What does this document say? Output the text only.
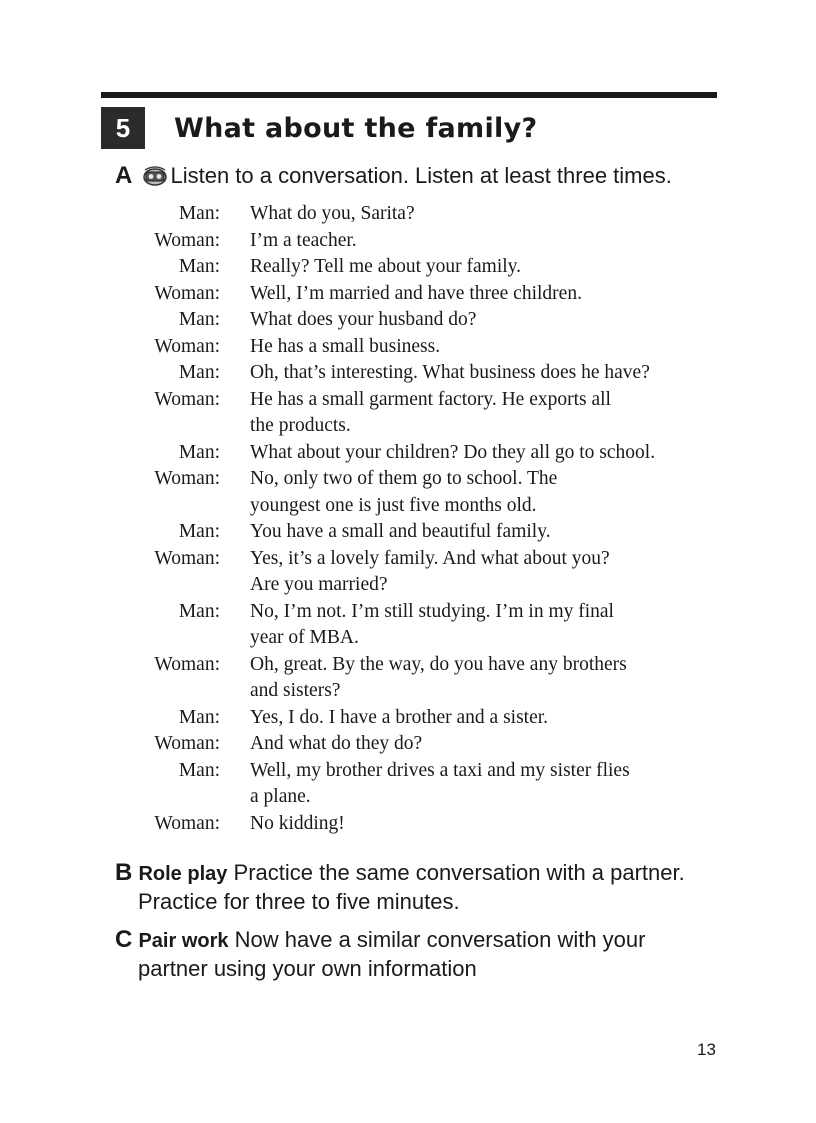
5	What about the family?
A Listen to a conversation. Listen at least three times.
Man: What do you, Sarita?
Woman: I’m a teacher.
Man: Really? Tell me about your family.
Woman: Well, I’m married and have three children.
Man: What does your husband do?
Woman: He has a small business.
Man: Oh, that’s interesting. What business does he have?
Woman: He has a small garment factory. He exports all
the products.
Man: What about your children? Do they all go to school.
Woman: No, only two of them go to school. The
youngest one is just five months old.
Man: You have a small and beautiful family.
Woman: Yes, it’s a lovely family. And what about you?
Are you married?
Man: No, I’m not. I’m still studying. I’m in my final
year of MBA.
Woman: Oh, great. By the way, do you have any brothers
and sisters?
Man: Yes, I do. I have a brother and a sister.
Woman: And what do they do?
Man: Well, my brother drives a taxi and my sister flies
a plane.
Woman: No kidding!
B Role play Practice the same conversation with a partner.
Practice for three to five minutes.
C Pair work Now have a similar conversation with your
partner using your own information
13
